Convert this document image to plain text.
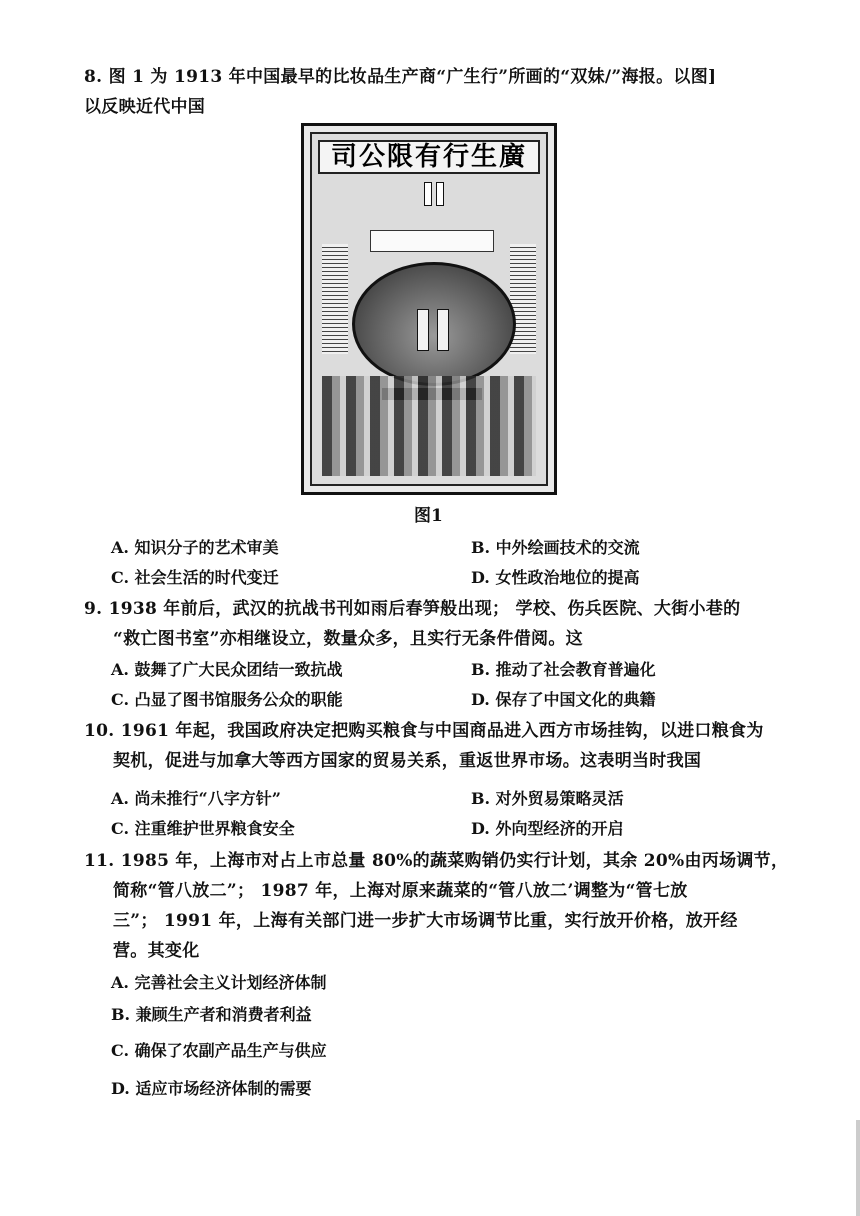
8. 图 1 为 1913 年中国最早的比妆品生产商“广生行”所画的“双妹/”海报。以图]
以反映近代中国
司公限有行生廣
图1
A. 知识分子的艺术审美	B. 中外绘画技术的交流
C. 社会生活的时代变迁	D. 女性政治地位的提高
9. 1938 年前后，武汉的抗战书刊如雨后春笋般出现； 学校、伤兵医院、大街小巷的
“救亡图书室”亦相继设立，数量众多，且实行无条件借阅。这
A. 鼓舞了广大民众团结一致抗战	B. 推动了社会教育普遍化
C. 凸显了图书馆服务公众的职能	D. 保存了中国文化的典籍
10. 1961 年起，我国政府决定把购买粮食与中国商品进入西方市场挂钩，以进口粮食为
契机，促进与加拿大等西方国家的贸易关系，重返世界市场。这表明当时我国
A. 尚未推行“八字方针”	B. 对外贸易策略灵活
C. 注重维护世界粮食安全	D. 外向型经济的开启
11. 1985 年，上海市对占上市总量 80%的蔬菜购销仍实行计划，其余 20%由丙场调节，
简称“管八放二”； 1987 年，上海对原来蔬菜的“管八放二’调整为“管七放
三”； 1991 年，上海有关部门进一步扩大市场调节比重，实行放开价格，放开经
营。其变化
A. 完善社会主义计划经济体制
B. 兼顾生产者和消费者利益
C. 确保了农副产品生产与供应
D. 适应市场经济体制的需要
